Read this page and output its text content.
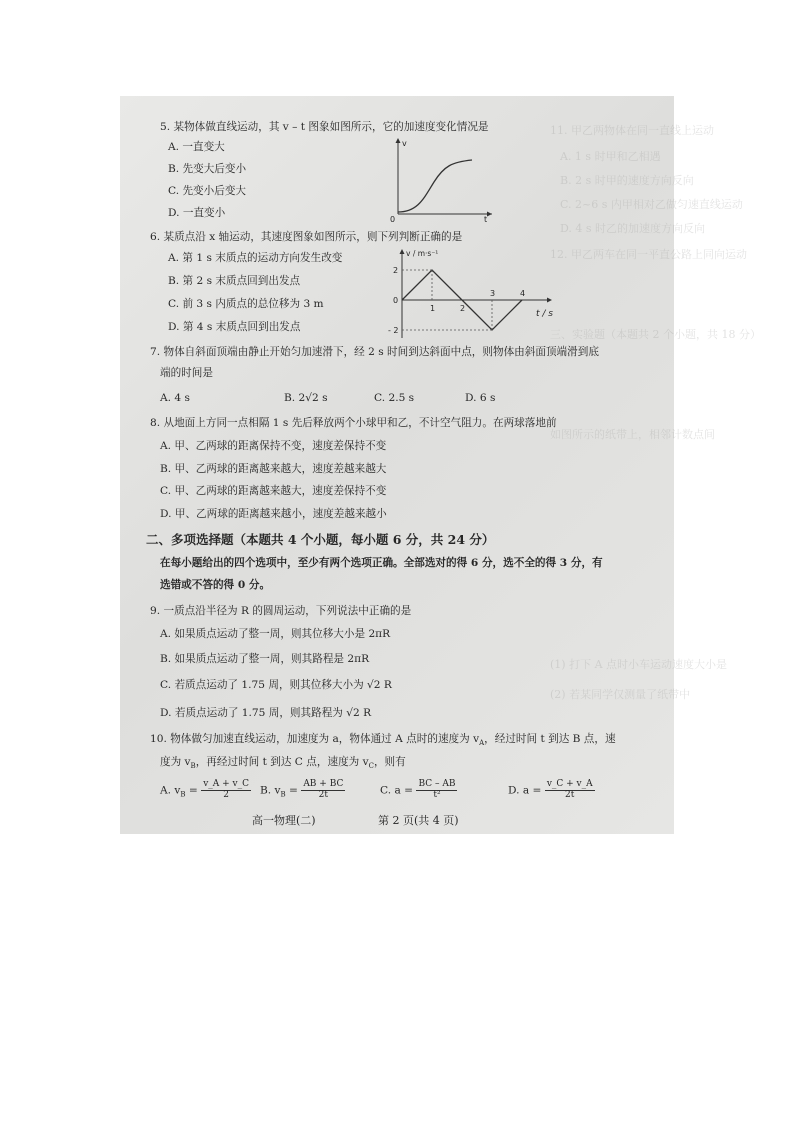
11. 甲乙两物体在同一直线上运动
A. 1 s 时甲和乙相遇
B. 2 s 时甲的速度方向反向
C. 2~6 s 内甲相对乙做匀速直线运动
D. 4 s 时乙的加速度方向反向
12. 甲乙两车在同一平直公路上同向运动
三、实验题（本题共 2 个小题，共 18 分）
如图所示的纸带上，相邻计数点间
(1) 打下 A 点时小车运动速度大小是
(2) 若某同学仅测量了纸带中
5. 某物体做直线运动，其 v – t 图象如图所示，它的加速度变化情况是
A. 一直变大
B. 先变大后变小
C. 先变小后变大
D. 一直变小
v
t
0
6. 某质点沿 x 轴运动，其速度图象如图所示，则下列判断正确的是
A. 第 1 s 末质点的运动方向发生改变
B. 第 2 s 末质点回到出发点
C. 前 3 s 内质点的总位移为 3 m
D. 第 4 s 末质点回到出发点
v / m·s⁻¹
t / s
2
0
- 2
1	2
3	4
7. 物体自斜面顶端由静止开始匀加速滑下，经 2 s 时间到达斜面中点，则物体由斜面顶端滑到底
端的时间是
A. 4 s	B. 2√2 s	C. 2.5 s	D. 6 s
8. 从地面上方同一点相隔 1 s 先后释放两个小球甲和乙，不计空气阻力。在两球落地前
A. 甲、乙两球的距离保持不变，速度差保持不变
B. 甲、乙两球的距离越来越大，速度差越来越大
C. 甲、乙两球的距离越来越大，速度差保持不变
D. 甲、乙两球的距离越来越小，速度差越来越小
二、多项选择题（本题共 4 个小题，每小题 6 分，共 24 分）
在每小题给出的四个选项中，至少有两个选项正确。全部选对的得 6 分，选不全的得 3 分，有
选错或不答的得 0 分。
9. 一质点沿半径为 R 的圆周运动，下列说法中正确的是
A. 如果质点运动了整一周，则其位移大小是 2πR
B. 如果质点运动了整一周，则其路程是 2πR
C. 若质点运动了 1.75 周，则其位移大小为 √2 R
D. 若质点运动了 1.75 周，则其路程为 √2 R
10. 物体做匀加速直线运动，加速度为 a，物体通过 A 点时的速度为 $v_A$，经过时间 t 到达 B 点，速
度为 $v_B$，再经过时间 t 到达 C 点，速度为 $v_C$，则有
A. $v_B = \frac{v\_A + v\_C}{2} B$. $v_B = \frac{AB + BC}{2t}$	C. $a = \frac{BC - AB}{\text{t²}}$	D. $a = \frac{v\_C + v\_A}{2t}$
高一物理(二)	第 2 页(共 4 页)
